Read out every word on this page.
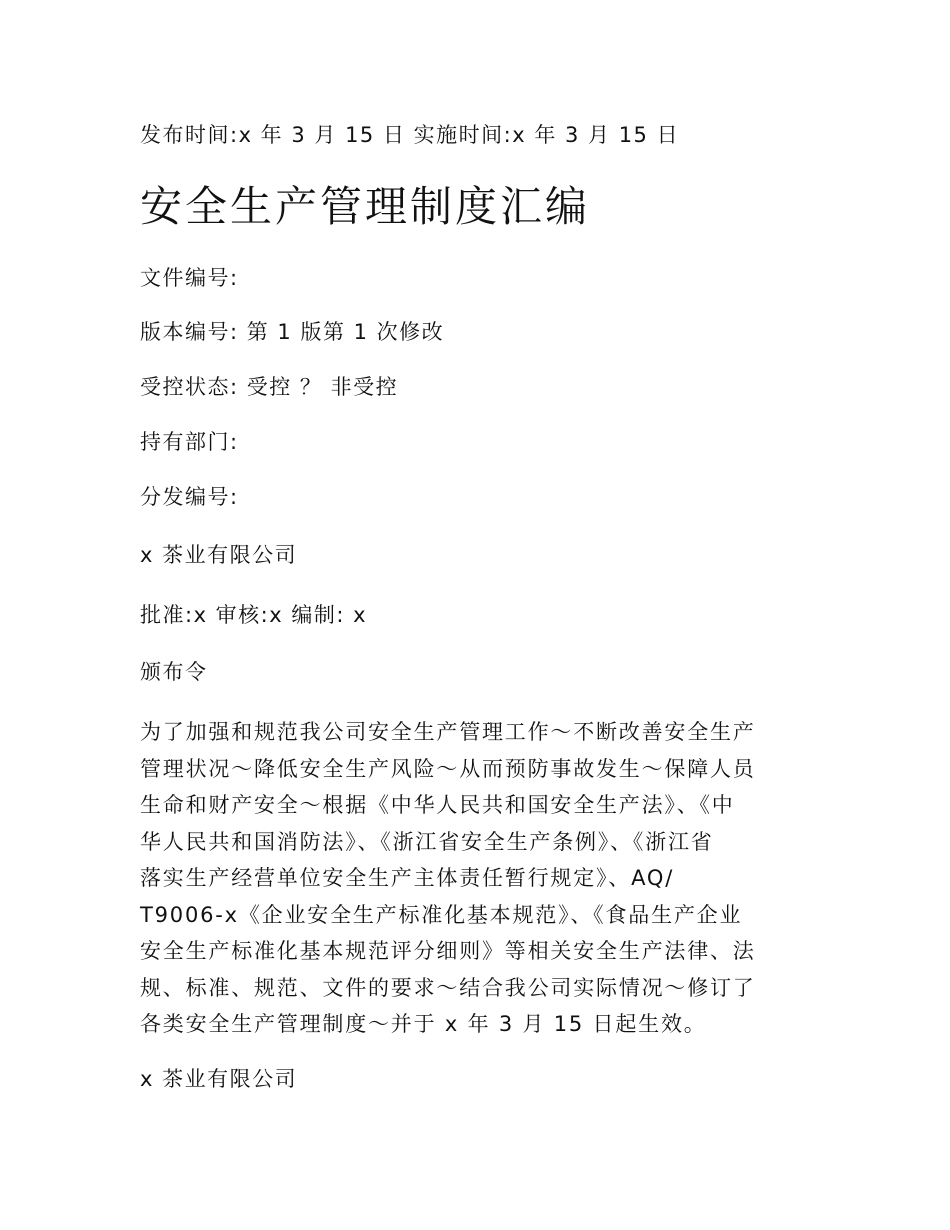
发布时间:x 年 3 月 15 日 实施时间:x 年 3 月 15 日
安全生产管理制度汇编
文件编号:
版本编号: 第 1 版第 1 次修改
受控状态: 受控 ？ 非受控
持有部门:
分发编号:
x 茶业有限公司
批准:x 审核:x 编制: x
颁布令
为了加强和规范我公司安全生产管理工作～不断改善安全生产
管理状况～降低安全生产风险～从而预防事故发生～保障人员
生命和财产安全～根据《中华人民共和国安全生产法》、《中
华人民共和国消防法》、《浙江省安全生产条例》、《浙江省
落实生产经营单位安全生产主体责任暂行规定》、AQ/
T9006-x《企业安全生产标准化基本规范》、《食品生产企业
安全生产标准化基本规范评分细则》等相关安全生产法律、法
规、标准、规范、文件的要求～结合我公司实际情况～修订了
各类安全生产管理制度～并于 x 年 3 月 15 日起生效。
x 茶业有限公司
